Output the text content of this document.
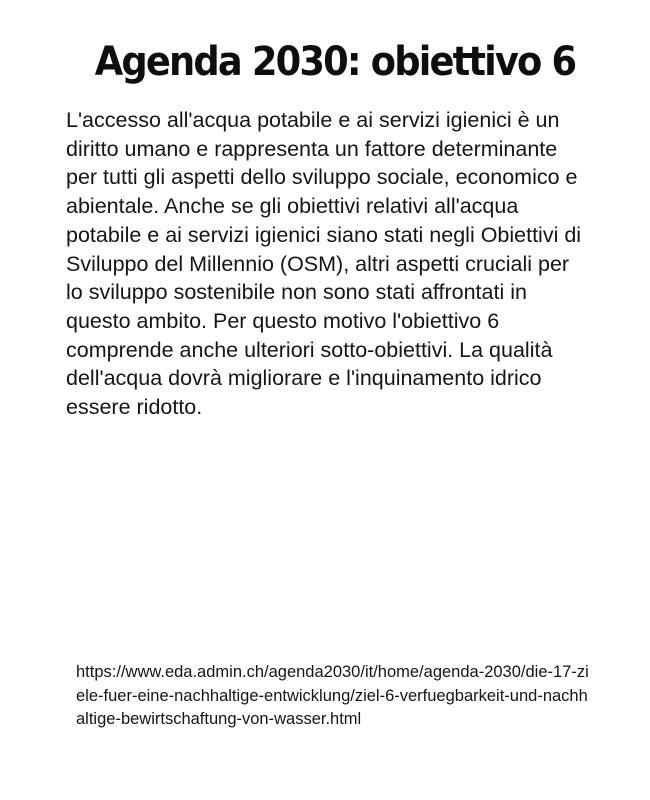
Agenda 2030: obiettivo 6

L'accesso all'acqua potabile e ai servizi igienici è un diritto umano e rappresenta un fattore determinante per tutti gli aspetti dello sviluppo sociale, economico e abientale. Anche se gli obiettivi relativi all'acqua potabile e ai servizi igienici siano stati negli Obiettivi di Sviluppo del Millennio (OSM), altri aspetti cruciali per lo sviluppo sostenibile non sono stati affrontati in questo ambito. Per questo motivo l'obiettivo 6 comprende anche ulteriori sotto-obiettivi. La qualità dell'acqua dovrà migliorare e l'inquinamento idrico essere ridotto.

https://www.eda.admin.ch/agenda2030/it/home/agenda-2030/die-17-ziele-fuer-eine-nachhaltige-entwicklung/ziel-6-verfuegbarkeit-und-nachhaltige-bewirtschaftung-von-wasser.html
